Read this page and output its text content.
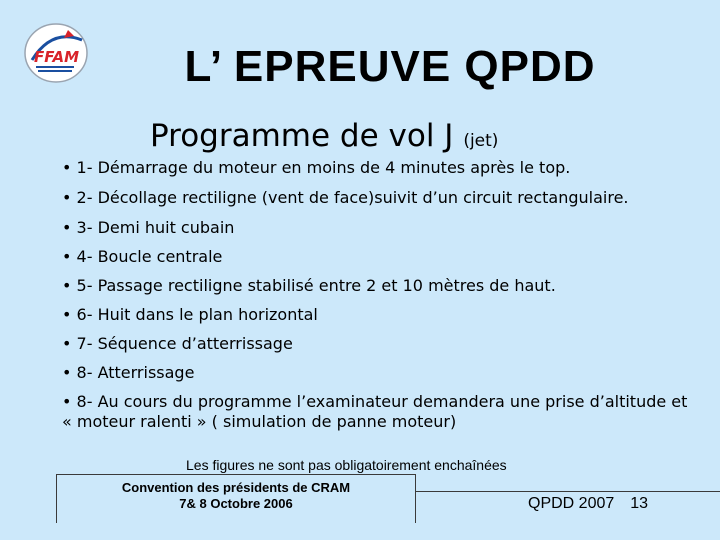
FFAM	L’ EPREUVE QPDD
Programme de vol J (jet)
• 1- Démarrage du moteur en moins de 4 minutes après le top.
• 2- Décollage rectiligne (vent de face)suivit d’un circuit rectangulaire.
• 3- Demi huit cubain
• 4- Boucle centrale
• 5- Passage rectiligne stabilisé entre 2 et 10 mètres de haut.
• 6- Huit dans le plan horizontal
• 7- Séquence d’atterrissage
• 8- Atterrissage
• 8- Au cours du programme l’examinateur demandera une prise d’altitude et « moteur ralenti » ( simulation de panne moteur)
Les figures ne sont pas obligatoirement enchaînées
Convention des présidents de CRAM
7& 8 Octobre 2006	QPDD 2007 13
